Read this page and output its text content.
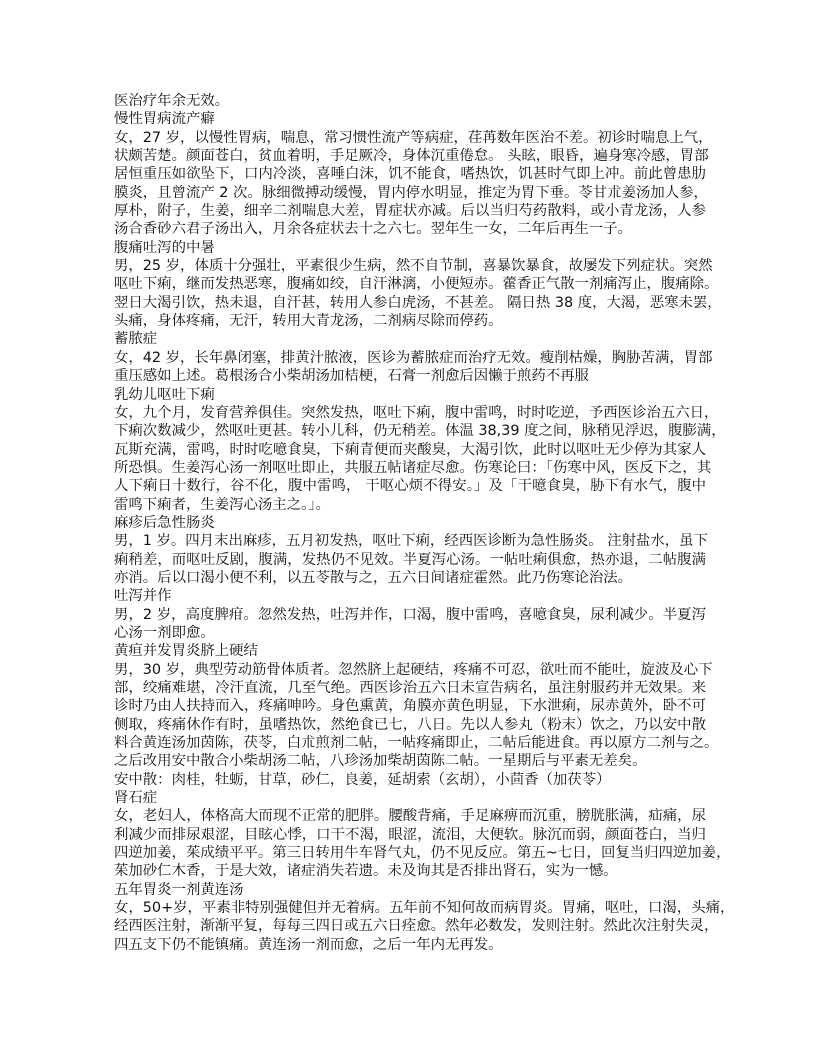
医治疗年余无效。
慢性胃病流产癖
女，27 岁，以慢性胃病，喘息，常习惯性流产等病症，荏苒数年医治不差。初诊时喘息上气，
状颇苦楚。颜面苍白，贫血着明，手足厥冷，身体沉重倦怠。 头眩，眼昏，遍身寒冷感，胃部
居恒重压如欲坠下，口内冷淡，喜唾白沫，饥不能食，嗜热饮，饥甚时气即上冲。前此曾患肋
膜炎，且曾流产 2 次。脉细微搏动缓慢，胃内停水明显，推定为胃下垂。苓甘朮姜汤加人参，
厚朴，附子，生姜，细辛二剂喘息大差，胃症状亦减。后以当归芍药散料，或小青龙汤，人参
汤合香砂六君子汤出入，月余各症状去十之六七。翌年生一女，二年后再生一子。
腹痛吐泻的中暑
男，25 岁，体质十分强壮，平素很少生病，然不自节制，喜暴饮暴食，故屡发下列症状。突然
呕吐下痢，继而发热恶寒，腹痛如绞，自汗淋漓，小便短赤。藿香正气散一剂痛泻止，腹痛除。
翌日大渴引饮，热未退，自汗甚，转用人参白虎汤，不甚差。 隔日热 38 度，大渴，恶寒未罢，
头痛，身体疼痛，无汗，转用大青龙汤，二剂病尽除而停药。
蓄脓症
女，42 岁，长年鼻闭塞，排黄汁脓液，医诊为蓄脓症而治疗无效。瘦削枯燥，胸胁苦满，胃部
重压感如上述。葛根汤合小柴胡汤加桔梗，石膏一剂愈后因懒于煎药不再服
乳幼儿呕吐下痢
女，九个月，发育营养俱佳。突然发热，呕吐下痢，腹中雷鸣，时时吃逆，予西医诊治五六日，
下痢次数减少，然呕吐更甚。转小儿科，仍无稍差。体温 38,39 度之间，脉稍见浮迟，腹膨满，
瓦斯充满，雷鸣，时时吃噫食臭，下痢青便而夹酸臭，大渴引饮，此时以呕吐无少停为其家人
所恐惧。生姜泻心汤一剂呕吐即止，共服五帖诸症尽愈。伤寒论曰：「伤寒中风，医反下之，其
人下痢日十数行，谷不化，腹中雷鸣， 干呕心烦不得安。」及「干噫食臭，胁下有水气，腹中
雷鸣下痢者，生姜泻心汤主之。」。
麻疹后急性肠炎
男，1 岁。四月末出麻疹，五月初发热，呕吐下痢，经西医诊断为急性肠炎。 注射盐水，虽下
痢稍差，而呕吐反剧，腹满，发热仍不见效。半夏泻心汤。一帖吐痢俱愈，热亦退，二帖腹满
亦消。后以口渴小便不利，以五苓散与之，五六日间诸症霍然。此乃伤寒论治法。
吐泻并作
男，2 岁，高度脾疳。忽然发热，吐泻并作，口渴，腹中雷鸣，喜噫食臭，尿利减少。半夏泻
心汤一剂即愈。
黄疸并发胃炎脐上硬结
男，30 岁，典型劳动筋骨体质者。忽然脐上起硬结，疼痛不可忍，欲吐而不能吐，旋波及心下
部，绞痛难堪，冷汗直流，几至气绝。西医诊治五六日未宣告病名，虽注射服药并无效果。来
诊时乃由人扶持而入，疼痛呻吟。身色熏黄，角膜亦黄色明显，下水泄痢，尿赤黄外，卧不可
侧取，疼痛休作有时，虽嗜热饮，然绝食已七，八日。先以人参丸（粉末）饮之，乃以安中散
料合黄连汤加茵陈，茯苓，白朮煎剂二帖，一帖疼痛即止，二帖后能进食。再以原方二剂与之。
之后改用安中散合小柴胡汤二帖，八珍汤加柴胡茵陈二帖。一星期后与平素无差矣。
安中散：肉桂，牡蛎，甘草，砂仁，良姜，延胡索（玄胡），小茴香（加茯苓）
肾石症
女，老妇人，体格高大而现不正常的肥胖。腰酸背痛，手足麻痹而沉重，膀胱胀满，疝痛，尿
利减少而排尿艰涩，目眩心悸，口干不渴，眼涩，流泪，大便软。脉沉而弱，颜面苍白，当归
四逆加姜，茱成绩平平。第三日转用牛车肾气丸，仍不见反应。第五~七日，回复当归四逆加姜，
茱加砂仁木香，于是大效，诸症消失若遗。未及询其是否排出肾石，实为一憾。
五年胃炎一剂黄连汤
女，50+岁，平素非特别强健但并无着病。五年前不知何故而病胃炎。胃痛，呕吐，口渴，头痛，
经西医注射，渐渐平复，每每三四日或五六日痊愈。然年必数发，发则注射。然此次注射失灵，
四五支下仍不能镇痛。黄连汤一剂而愈，之后一年内无再发。
